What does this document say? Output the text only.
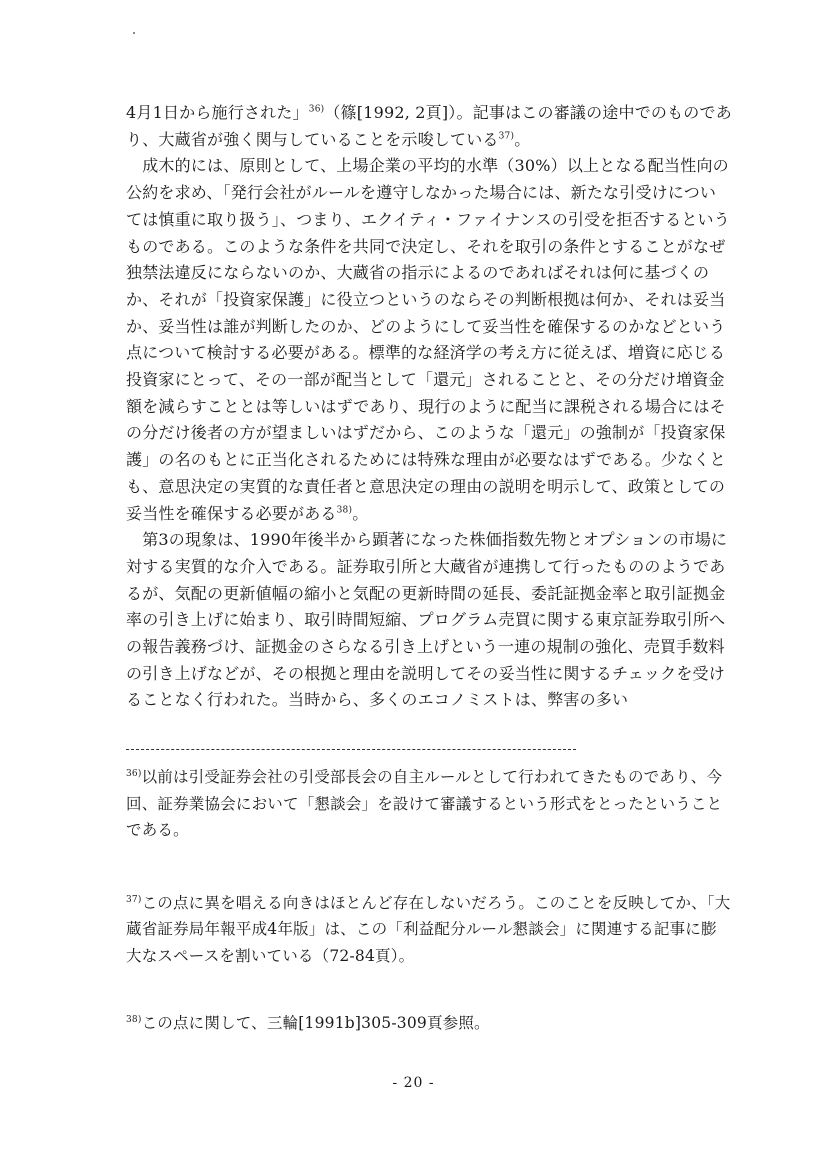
4月1日から施行された」$^{36)}$（篠[1992, 2頁]）。記事はこの審議の途中でのものであり、大蔵省が強く関与していることを示唆している$^{37)}$。

　成木的には、原則として、上場企業の平均的水準（30%）以上となる配当性向の公約を求め、「発行会社がルールを遵守しなかった場合には、新たな引受けについては慎重に取り扱う」、つまり、エクイティ・ファイナンスの引受を拒否するというものである。このような条件を共同で決定し、それを取引の条件とすることがなぜ独禁法違反にならないのか、大蔵省の指示によるのであればそれは何に基づくのか、それが「投資家保護」に役立つというのならその判断根拠は何か、それは妥当か、妥当性は誰が判断したのか、どのようにして妥当性を確保するのかなどという点について検討する必要がある。標準的な経済学の考え方に従えば、増資に応じる投資家にとって、その一部が配当として「還元」されることと、その分だけ増資金額を減らすこととは等しいはずであり、現行のように配当に課税される場合にはその分だけ後者の方が望ましいはずだから、このような「還元」の強制が「投資家保護」の名のもとに正当化されるためには特殊な理由が必要なはずである。少なくとも、意思決定の実質的な責任者と意思決定の理由の説明を明示して、政策としての妥当性を確保する必要がある$^{38)}$。

　第3の現象は、1990年後半から顕著になった株価指数先物とオプションの市場に対する実質的な介入である。証券取引所と大蔵省が連携して行ったもののようであるが、気配の更新値幅の縮小と気配の更新時間の延長、委託証拠金率と取引証拠金率の引き上げに始まり、取引時間短縮、プログラム売買に関する東京証券取引所への報告義務づけ、証拠金のさらなる引き上げという一連の規制の強化、売買手数料の引き上げなどが、その根拠と理由を説明してその妥当性に関するチェックを受けることなく行われた。当時から、多くのエコノミストは、弊害の多い

$^{36)}$以前は引受証券会社の引受部長会の自主ルールとして行われてきたものであり、今回、証券業協会において「懇談会」を設けて審議するという形式をとったということである。

$^{37)}$この点に異を唱える向きはほとんど存在しないだろう。このことを反映してか、「大蔵省証券局年報平成4年版」は、この「利益配分ルール懇談会」に関連する記事に膨大なスペースを割いている（72-84頁）。

$^{38)}$この点に関して、三輪[1991b]305-309頁参照。

- 20 -
